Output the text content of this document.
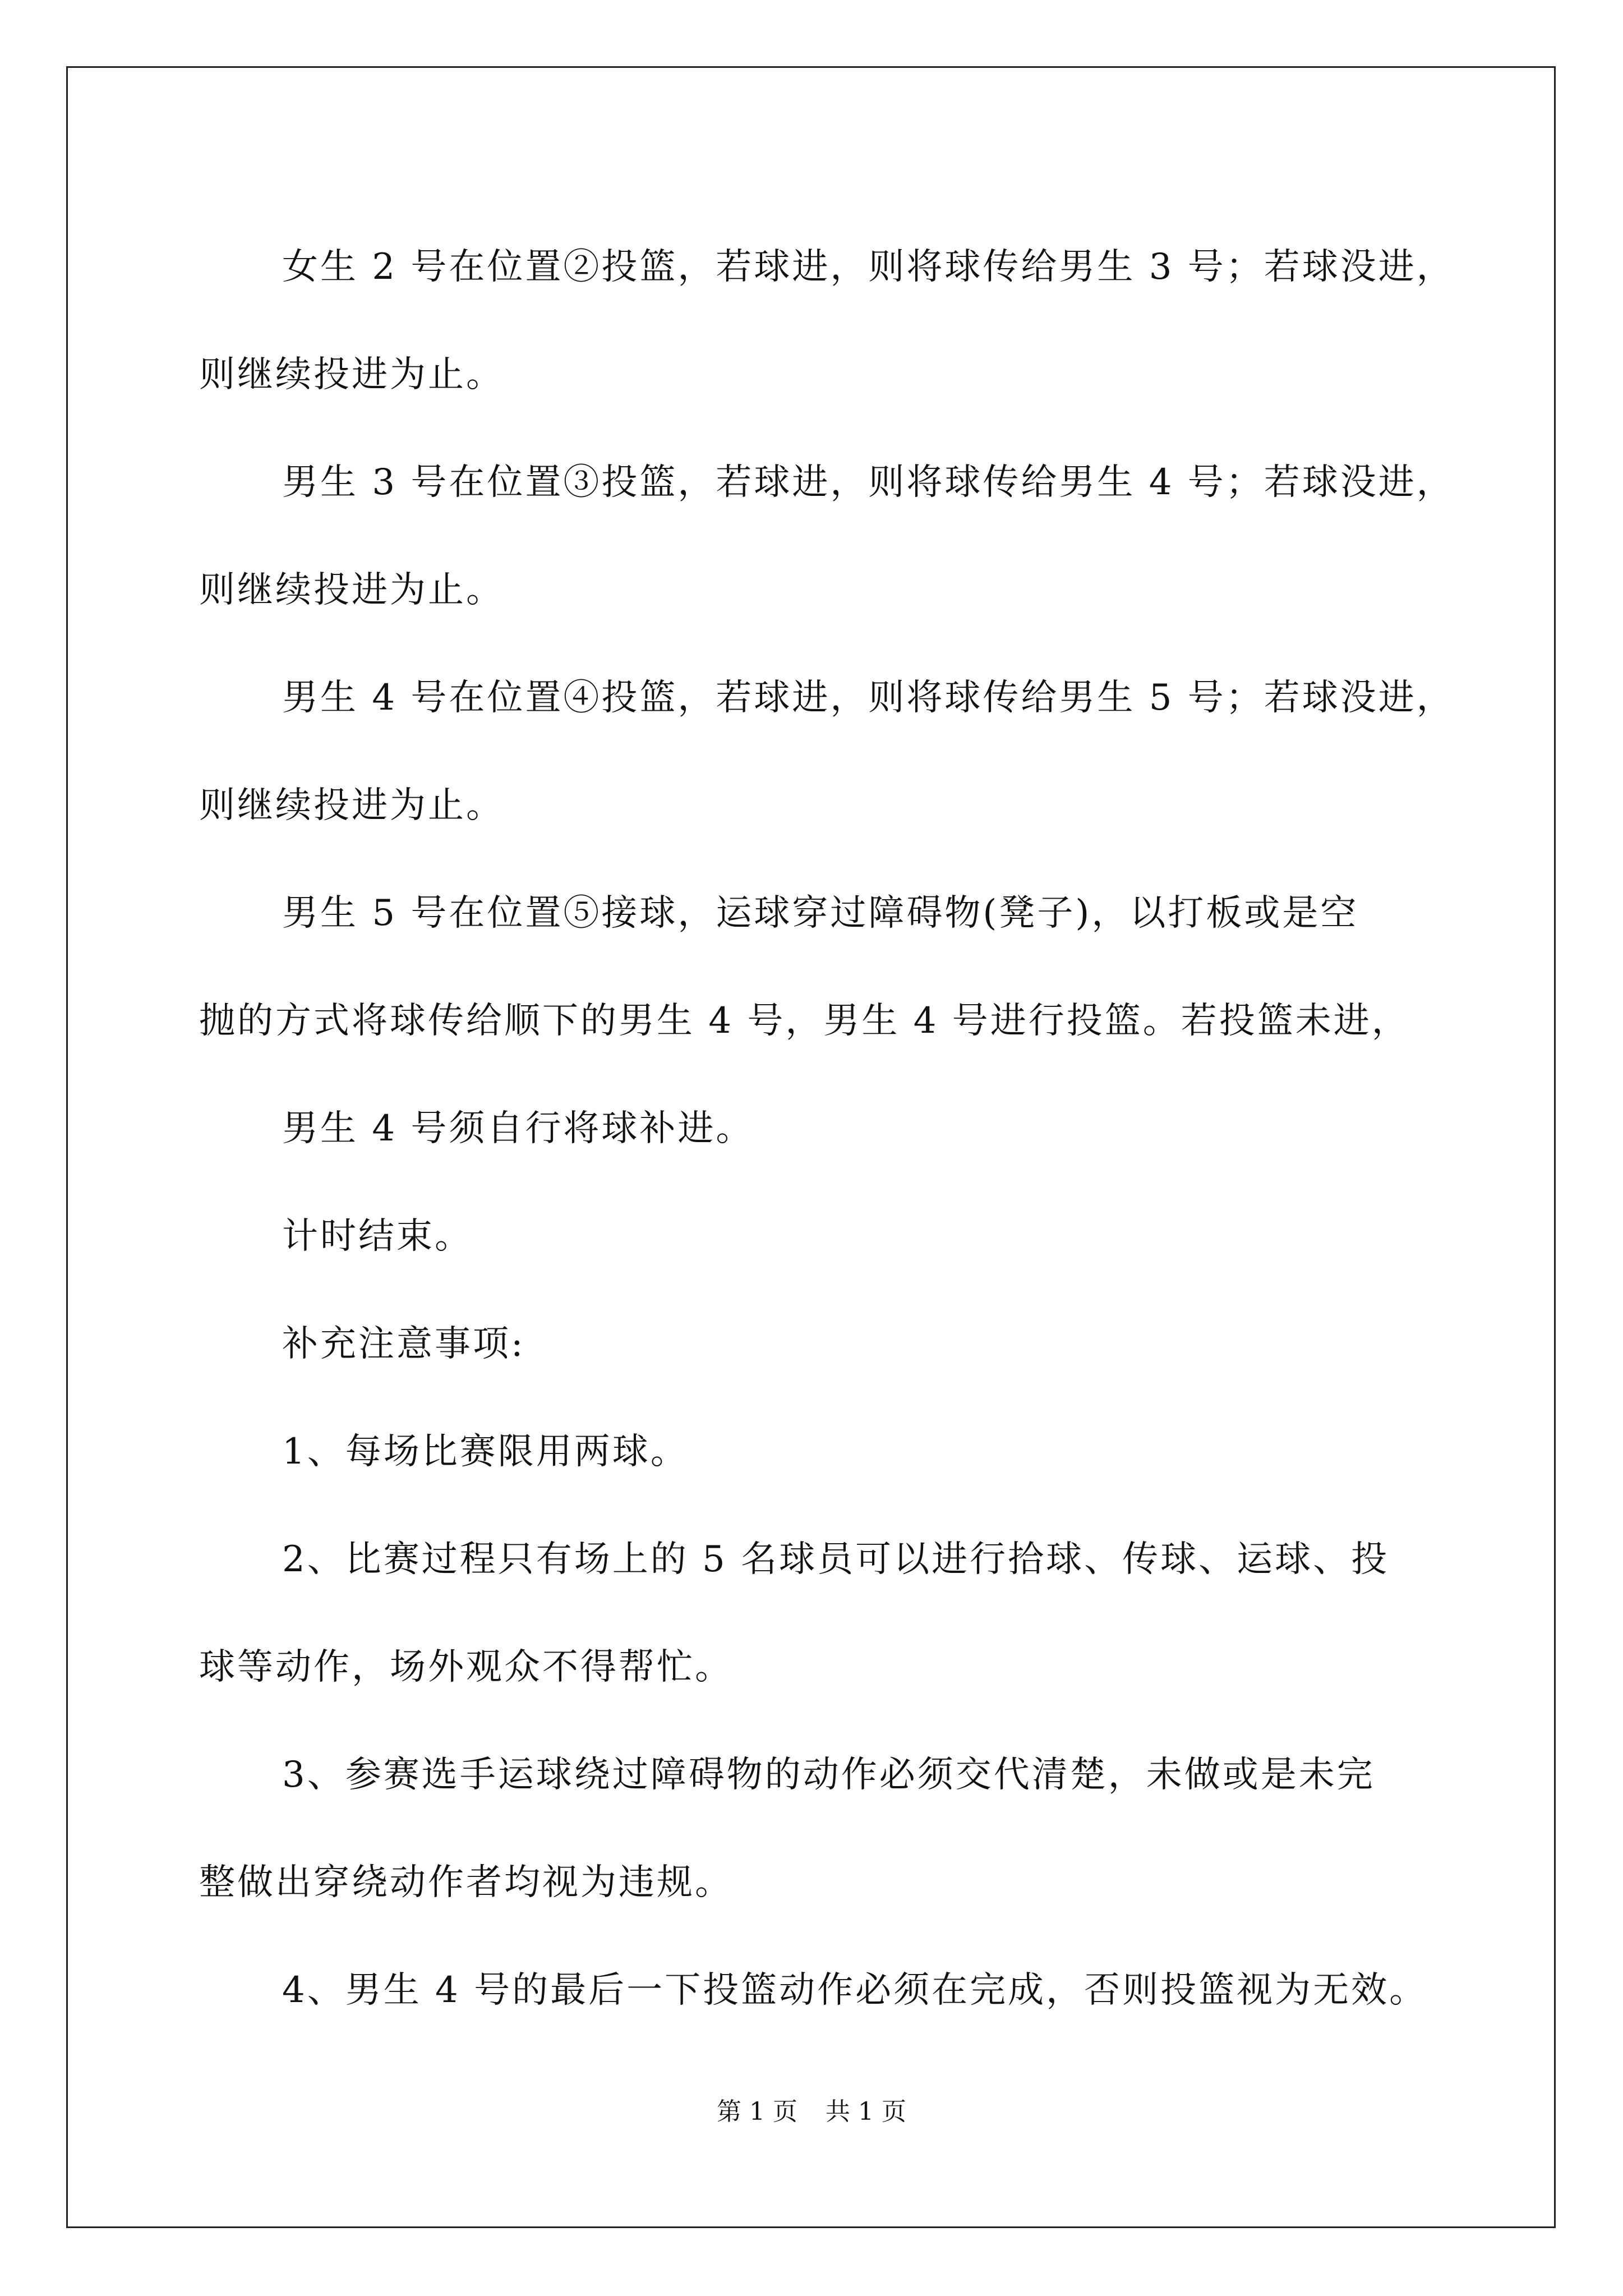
女生 2 号在位置②投篮，若球进，则将球传给男生 3 号；若球没进，

则继续投进为止。

男生 3 号在位置③投篮，若球进，则将球传给男生 4 号；若球没进，

则继续投进为止。

男生 4 号在位置④投篮，若球进，则将球传给男生 5 号；若球没进，

则继续投进为止。

男生 5 号在位置⑤接球，运球穿过障碍物(凳子)，以打板或是空

抛的方式将球传给顺下的男生 4 号，男生 4 号进行投篮。若投篮未进，

男生 4 号须自行将球补进。

计时结束。

补充注意事项:

1、每场比赛限用两球。

2、比赛过程只有场上的 5 名球员可以进行拾球、传球、运球、投

球等动作，场外观众不得帮忙。

3、参赛选手运球绕过障碍物的动作必须交代清楚，未做或是未完

整做出穿绕动作者均视为违规。

4、男生 4 号的最后一下投篮动作必须在完成，否则投篮视为无效。

第 1 页 共 1 页
